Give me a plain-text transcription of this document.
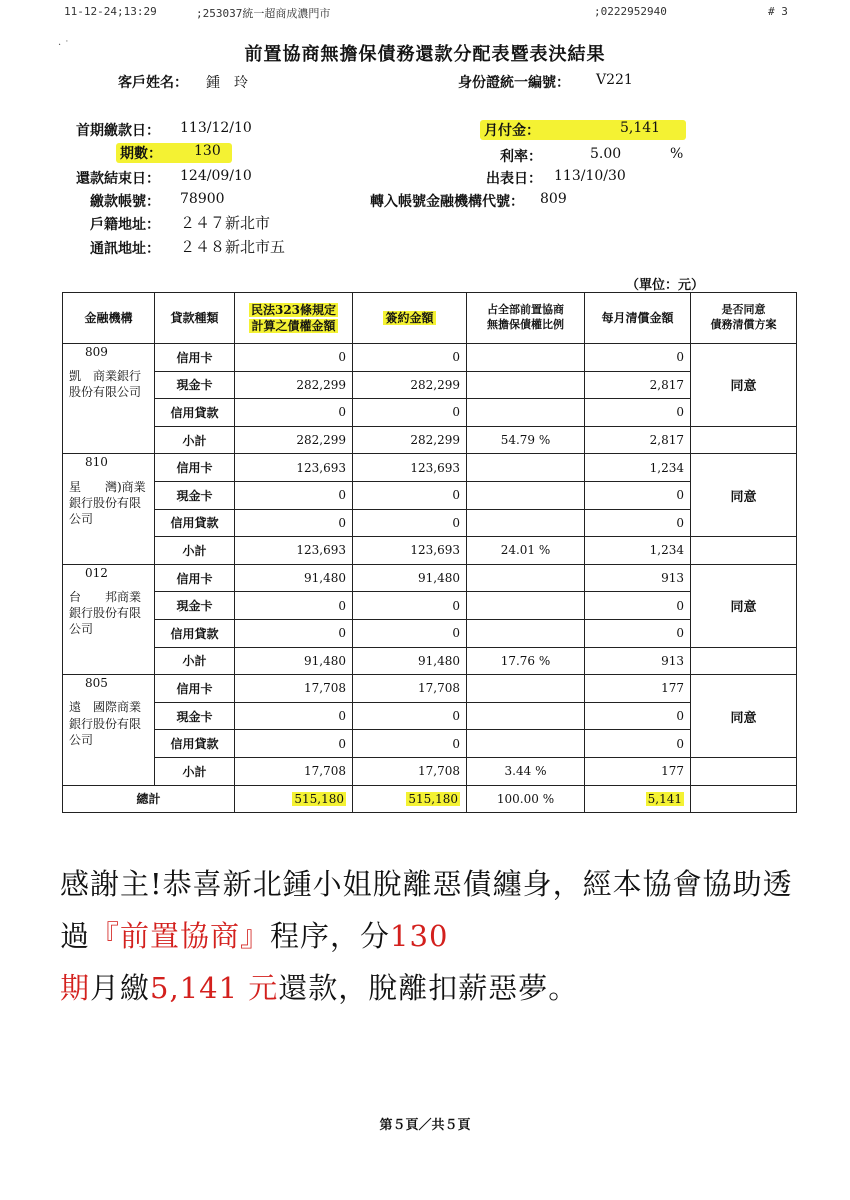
11-12-24;13:29	;253037統一超商成濃門市	;0222952940	# 3
· ˙	前置協商無擔保債務還款分配表暨表決結果
客戶姓名： 鍾　玲	身份證統一編號： V221
首期繳款日： 113/12/10	月付金：	5,141
期數： 130	利率：	5.00	%
還款結束日： 124/09/10	出表日： 113/10/30
繳款帳號： 78900	轉入帳號金融機構代號： 809
戶籍地址： ２４７新北市
通訊地址： ２４８新北市五
（單位：元）
金融機構	貸款種類	民法323條規定
計算之債權金額	簽約金額	占全部前置協商
無擔保債權比例	每月清償金額	是否同意
債務清償方案

809
凱　商業銀行股份有限公司	信用卡	0	0		0	同意
	現金卡	282,299	282,299		2,817	
	信用貸款	0	0		0	
	小計	282,299	282,299	54.79 %	2,817	

810
星　　灣)商業銀行股份有限公司	信用卡	123,693	123,693		1,234	同意
	現金卡	0	0		0	
	信用貸款	0	0		0	
	小計	123,693	123,693	24.01 %	1,234	

012
台　　邦商業銀行股份有限公司	信用卡	91,480	91,480		913	同意
	現金卡	0	0		0	
	信用貸款	0	0		0	
	小計	91,480	91,480	17.76 %	913	

805
遠　國際商業銀行股份有限公司	信用卡	17,708	17,708		177	同意
	現金卡	0	0		0	
	信用貸款	0	0		0	
	小計	17,708	17,708	3.44 %	177	
總計		515,180	515,180	100.00 %	5,141	
感謝主!恭喜新北鍾小姐脫離惡債纏身，經本協會協助透過『前置協商』程序，分130
期月繳5,141 元還款，脫離扣薪惡夢。
第５頁／共５頁
